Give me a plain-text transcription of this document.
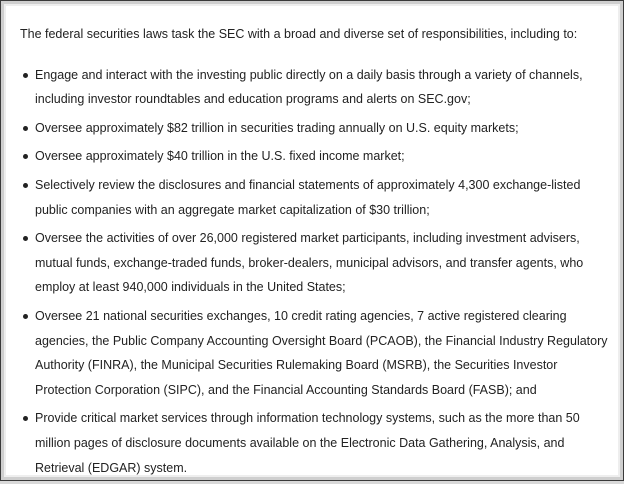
The federal securities laws task the SEC with a broad and diverse set of responsibilities, including to:

Engage and interact with the investing public directly on a daily basis through a variety of channels, including investor roundtables and education programs and alerts on SEC.gov;
Oversee approximately $82 trillion in securities trading annually on U.S. equity markets;
Oversee approximately $40 trillion in the U.S. fixed income market;
Selectively review the disclosures and financial statements of approximately 4,300 exchange-listed public companies with an aggregate market capitalization of $30 trillion;
Oversee the activities of over 26,000 registered market participants, including investment advisers, mutual funds, exchange-traded funds, broker-dealers, municipal advisors, and transfer agents, who employ at least 940,000 individuals in the United States;
Oversee 21 national securities exchanges, 10 credit rating agencies, 7 active registered clearing agencies, the Public Company Accounting Oversight Board (PCAOB), the Financial Industry Regulatory Authority (FINRA), the Municipal Securities Rulemaking Board (MSRB), the Securities Investor Protection Corporation (SIPC), and the Financial Accounting Standards Board (FASB); and
Provide critical market services through information technology systems, such as the more than 50 million pages of disclosure documents available on the Electronic Data Gathering, Analysis, and Retrieval (EDGAR) system.
